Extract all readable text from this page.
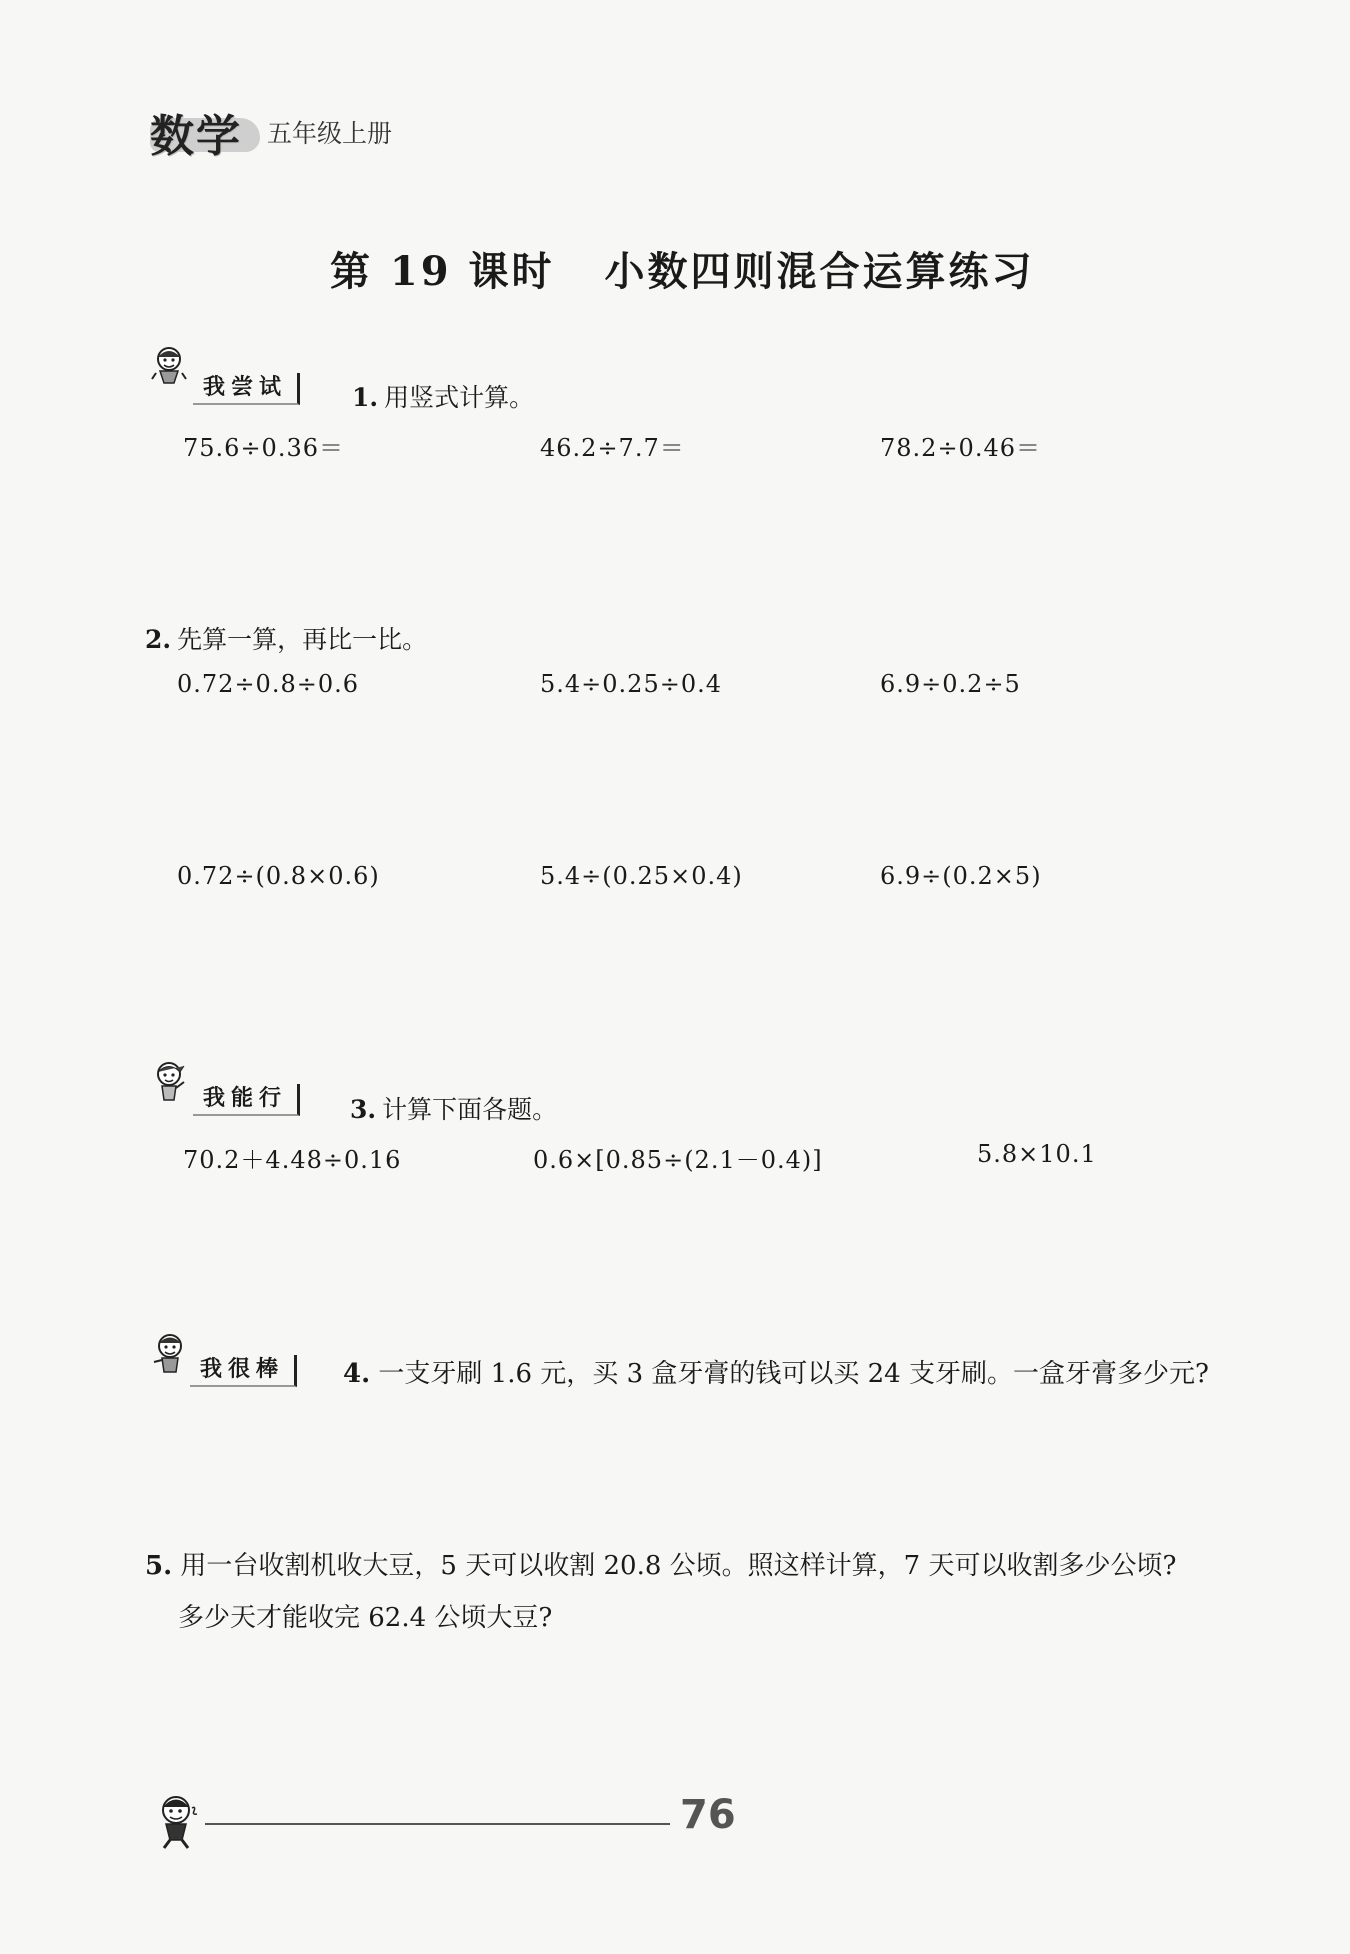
数学 五年级上册
第 19 课时 小数四则混合运算练习
我尝试	1. 用竖式计算。
75.6÷0.36＝	46.2÷7.7＝	78.2÷0.46＝
2. 先算一算，再比一比。
0.72÷0.8÷0.6	5.4÷0.25÷0.4	6.9÷0.2÷5
0.72÷(0.8×0.6)	5.4÷(0.25×0.4)	6.9÷(0.2×5)
我能行	3. 计算下面各题。
70.2＋4.48÷0.16	0.6×[0.85÷(2.1－0.4)]	5.8×10.1
我很棒	4. 一支牙刷 1.6 元，买 3 盒牙膏的钱可以买 24 支牙刷。一盒牙膏多少元?
5. 用一台收割机收大豆，5 天可以收割 20.8 公顷。照这样计算，7 天可以收割多少公顷?
多少天才能收完 62.4 公顷大豆?
76
